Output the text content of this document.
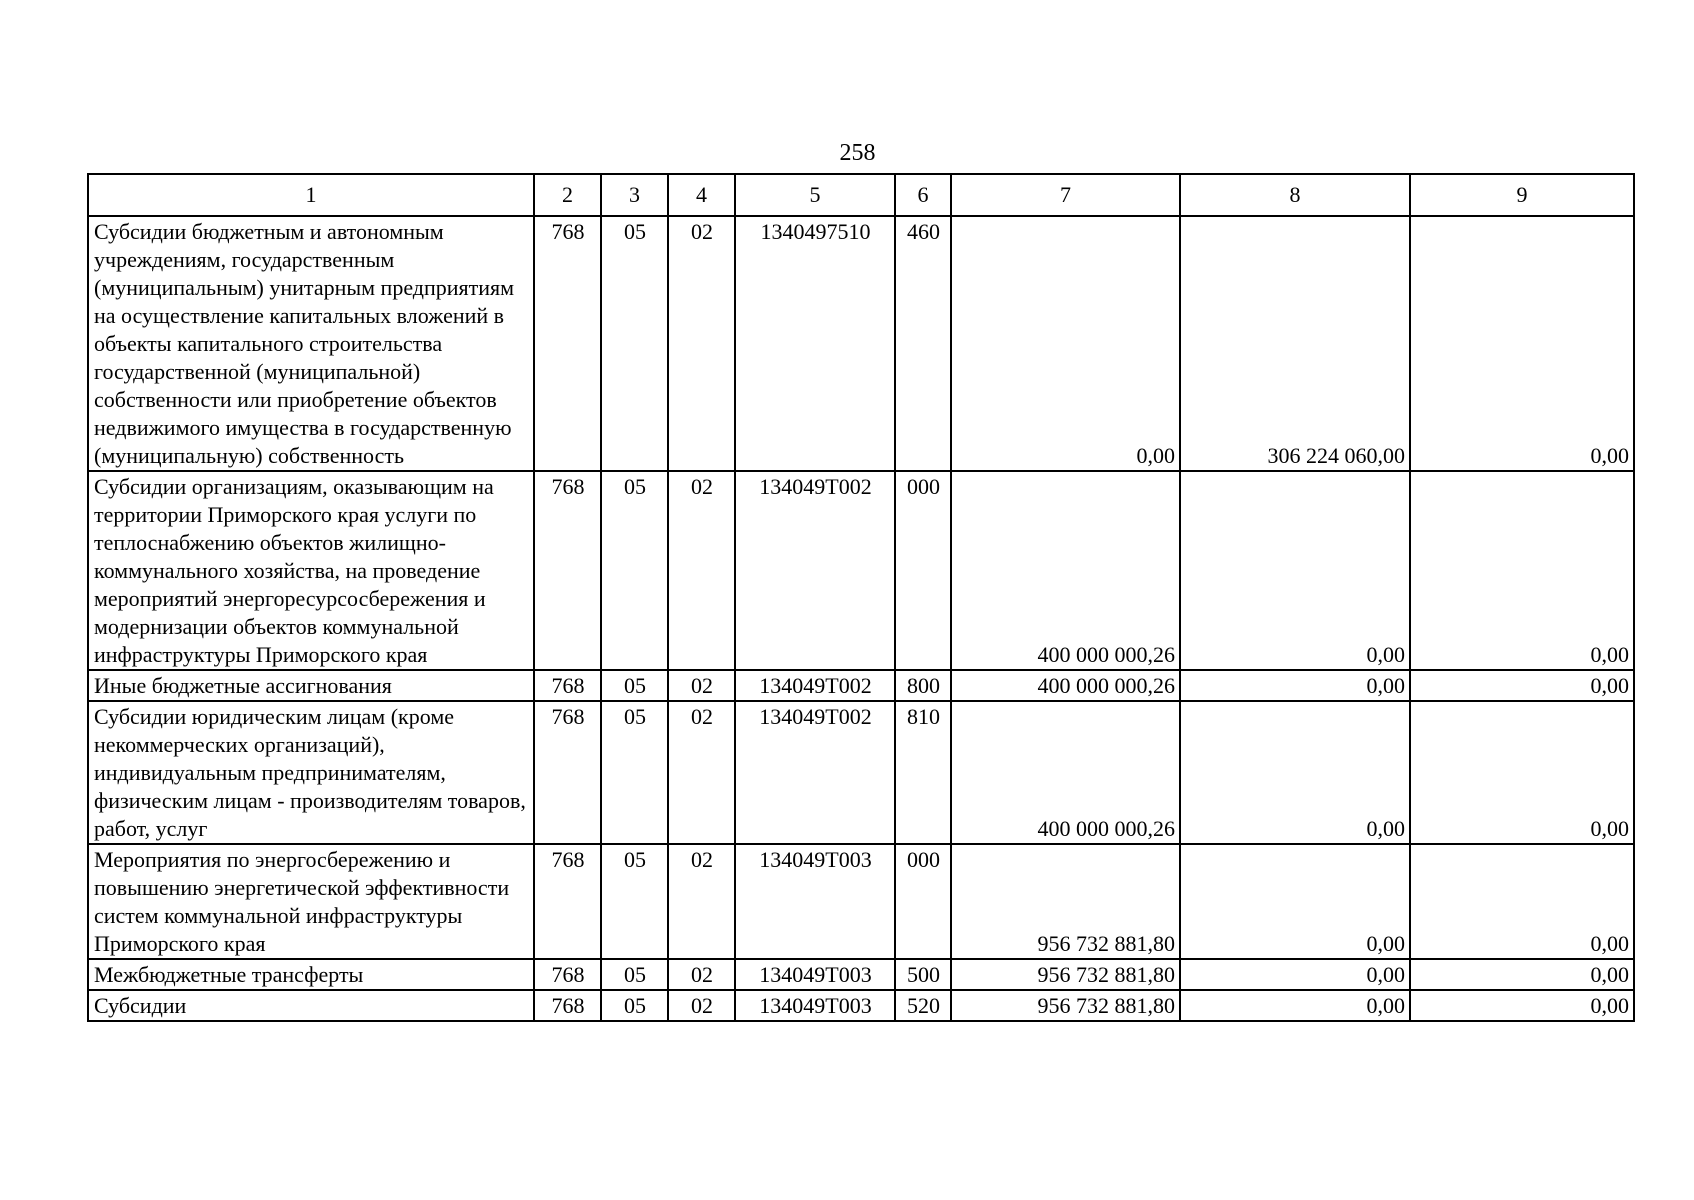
258
1	2	3	4	5	6	7	8	9
Субсидии бюджетным и автономным учреждениям, государственным (муниципальным) унитарным предприятиям на осуществление капитальных вложений в объекты капитального строительства государственной (муниципальной) собственности или приобретение объектов недвижимого имущества в государственную (муниципальную) собственность	768	05	02	1340497510	460	0,00	306 224 060,00	0,00
Субсидии организациям, оказывающим на территории Приморского края услуги по теплоснабжению объектов жилищно-коммунального хозяйства, на проведение мероприятий энергоресурсосбережения и модернизации объектов коммунальной инфраструктуры Приморского края	768	05	02	134049T002	000	400 000 000,26	0,00	0,00
Иные бюджетные ассигнования	768	05	02	134049T002	800	400 000 000,26	0,00	0,00
Субсидии юридическим лицам (кроме некоммерческих организаций), индивидуальным предпринимателям, физическим лицам - производителям товаров, работ, услуг	768	05	02	134049T002	810	400 000 000,26	0,00	0,00
Мероприятия по энергосбережению и повышению энергетической эффективности систем коммунальной инфраструктуры Приморского края	768	05	02	134049T003	000	956 732 881,80	0,00	0,00
Межбюджетные трансферты	768	05	02	134049T003	500	956 732 881,80	0,00	0,00
Субсидии	768	05	02	134049T003	520	956 732 881,80	0,00	0,00
